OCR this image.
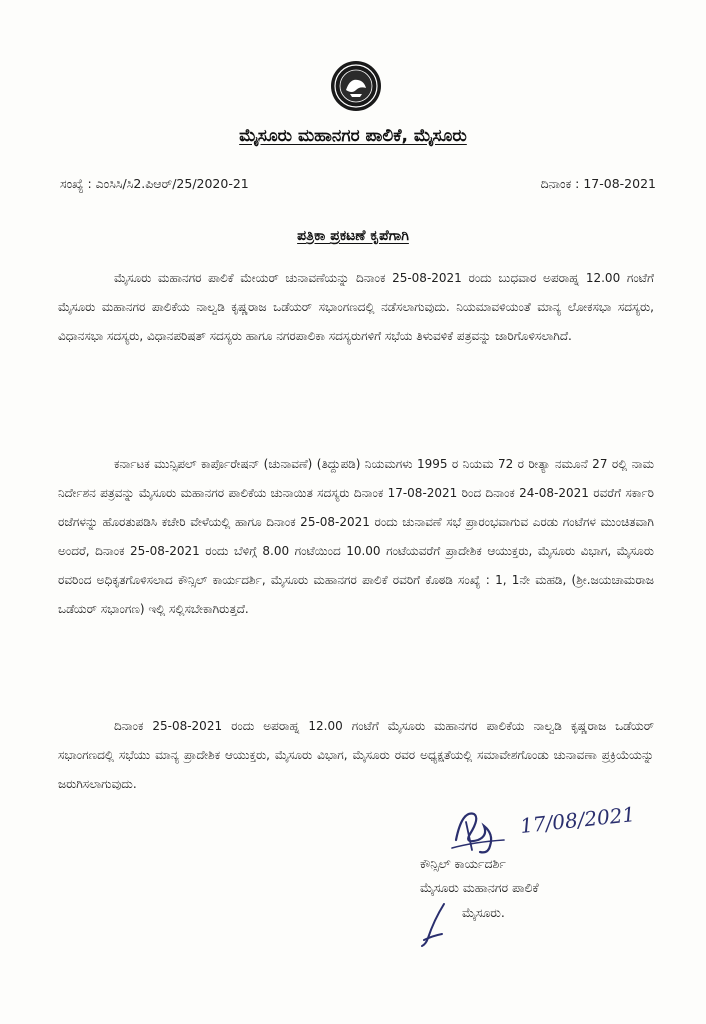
ಮೈಸೂರು ಮಹಾನಗರ ಪಾಲಿಕೆ, ಮೈಸೂರು
ಸಂಖ್ಯೆ : ಎಂಸಿಸಿ/ಸಿ2.ಪಿಆರ್/25/2020-21	ದಿನಾಂಕ : 17-08-2021
ಪತ್ರಿಕಾ ಪ್ರಕಟಣೆ ಕೃಪೆಗಾಗಿ

ಮೈಸೂರು ಮಹಾನಗರ ಪಾಲಿಕೆ ಮೇಯರ್ ಚುನಾವಣೆಯನ್ನು ದಿನಾಂಕ 25-08-2021 ರಂದು ಬುಧವಾರ ಅಪರಾಹ್ನ 12.00 ಗಂಟೆಗೆ ಮೈಸೂರು ಮಹಾನಗರ ಪಾಲಿಕೆಯ ನಾಲ್ವಡಿ ಕೃಷ್ಣರಾಜ ಒಡೆಯರ್ ಸಭಾಂಗಣದಲ್ಲಿ ನಡೆಸಲಾಗುವುದು. ನಿಯಮಾವಳಿಯಂತೆ ಮಾನ್ಯ ಲೋಕಸಭಾ ಸದಸ್ಯರು, ವಿಧಾನಸಭಾ ಸದಸ್ಯರು, ವಿಧಾನಪರಿಷತ್ ಸದಸ್ಯರು ಹಾಗೂ ನಗರಪಾಲಿಕಾ ಸದಸ್ಯರುಗಳಿಗೆ ಸಭೆಯ ತಿಳುವಳಿಕೆ ಪತ್ರವನ್ನು ಜಾರಿಗೊಳಿಸಲಾಗಿದೆ.

ಕರ್ನಾಟಕ ಮುನ್ಸಿಪಲ್ ಕಾರ್ಪೊರೇಷನ್ (ಚುನಾವಣೆ) (ತಿದ್ದುಪಡಿ) ನಿಯಮಗಳು 1995 ರ ನಿಯಮ 72 ರ ರೀತ್ಯಾ ನಮೂನೆ 27 ರಲ್ಲಿ ನಾಮ ನಿರ್ದೇಶನ ಪತ್ರವನ್ನು ಮೈಸೂರು ಮಹಾನಗರ ಪಾಲಿಕೆಯ ಚುನಾಯಿತ ಸದಸ್ಯರು ದಿನಾಂಕ 17-08-2021 ರಿಂದ ದಿನಾಂಕ 24-08-2021 ರವರೆಗೆ ಸರ್ಕಾರಿ ರಜೆಗಳನ್ನು ಹೊರತುಪಡಿಸಿ ಕಚೇರಿ ವೇಳೆಯಲ್ಲಿ ಹಾಗೂ ದಿನಾಂಕ 25-08-2021 ರಂದು ಚುನಾವಣೆ ಸಭೆ ಪ್ರಾರಂಭವಾಗುವ ಎರಡು ಗಂಟೆಗಳ ಮುಂಚಿತವಾಗಿ ಅಂದರೆ, ದಿನಾಂಕ 25-08-2021 ರಂದು ಬೆಳಿಗ್ಗೆ 8.00 ಗಂಟೆಯಿಂದ 10.00 ಗಂಟೆಯವರೆಗೆ ಪ್ರಾದೇಶಿಕ ಆಯುಕ್ತರು, ಮೈಸೂರು ವಿಭಾಗ, ಮೈಸೂರು ರವರಿಂದ ಅಧಿಕೃತಗೊಳಿಸಲಾದ ಕೌನ್ಸಿಲ್ ಕಾರ್ಯದರ್ಶಿ, ಮೈಸೂರು ಮಹಾನಗರ ಪಾಲಿಕೆ ರವರಿಗೆ ಕೊಠಡಿ ಸಂಖ್ಯೆ : 1, 1ನೇ ಮಹಡಿ, (ಶ್ರೀ.ಜಯಚಾಮರಾಜ ಒಡೆಯರ್ ಸಭಾಂಗಣ) ಇಲ್ಲಿ ಸಲ್ಲಿಸಬೇಕಾಗಿರುತ್ತದೆ.

ದಿನಾಂಕ 25-08-2021 ರಂದು ಅಪರಾಹ್ನ 12.00 ಗಂಟೆಗೆ ಮೈಸೂರು ಮಹಾನಗರ ಪಾಲಿಕೆಯ ನಾಲ್ವಡಿ ಕೃಷ್ಣರಾಜ ಒಡೆಯರ್ ಸಭಾಂಗಣದಲ್ಲಿ ಸಭೆಯು ಮಾನ್ಯ ಪ್ರಾದೇಶಿಕ ಆಯುಕ್ತರು, ಮೈಸೂರು ವಿಭಾಗ, ಮೈಸೂರು ರವರ ಅಧ್ಯಕ್ಷತೆಯಲ್ಲಿ ಸಮಾವೇಶಗೊಂಡು ಚುನಾವಣಾ ಪ್ರಕ್ರಿಯೆಯನ್ನು ಜರುಗಿಸಲಾಗುವುದು.

17/08/2021
ಕೌನ್ಸಿಲ್ ಕಾರ್ಯದರ್ಶಿ
ಮೈಸೂರು ಮಹಾನಗರ ಪಾಲಿಕೆ
ಮೈಸೂರು.
